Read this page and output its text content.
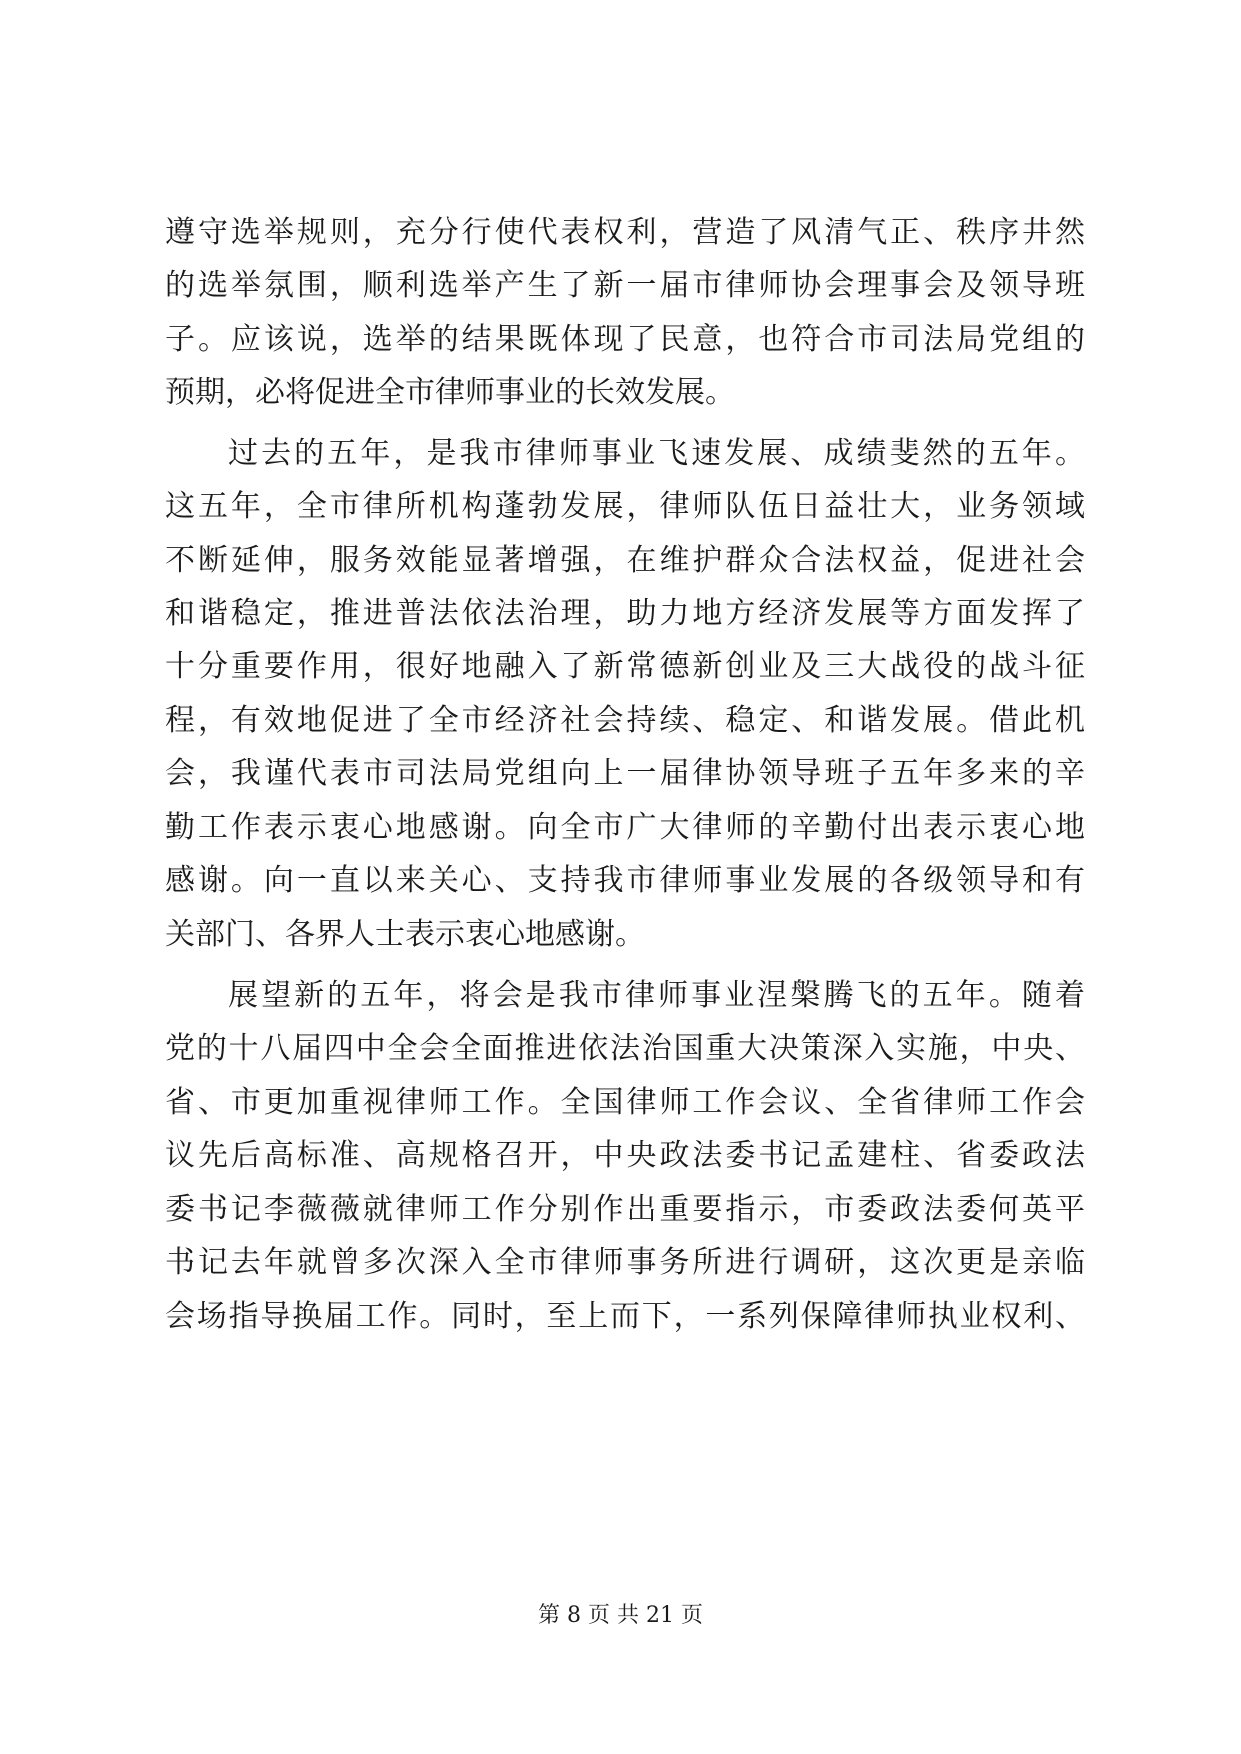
遵守选举规则，充分行使代表权利，营造了风清气正、秩序井然
的选举氛围，顺利选举产生了新一届市律师协会理事会及领导班
子。应该说，选举的结果既体现了民意，也符合市司法局党组的
预期，必将促进全市律师事业的长效发展。
过去的五年，是我市律师事业飞速发展、成绩斐然的五年。
这五年，全市律所机构蓬勃发展，律师队伍日益壮大，业务领域
不断延伸，服务效能显著增强，在维护群众合法权益，促进社会
和谐稳定，推进普法依法治理，助力地方经济发展等方面发挥了
十分重要作用，很好地融入了新常德新创业及三大战役的战斗征
程，有效地促进了全市经济社会持续、稳定、和谐发展。借此机
会，我谨代表市司法局党组向上一届律协领导班子五年多来的辛
勤工作表示衷心地感谢。向全市广大律师的辛勤付出表示衷心地
感谢。向一直以来关心、支持我市律师事业发展的各级领导和有
关部门、各界人士表示衷心地感谢。
展望新的五年，将会是我市律师事业涅槃腾飞的五年。随着
党的十八届四中全会全面推进依法治国重大决策深入实施，中央、
省、市更加重视律师工作。全国律师工作会议、全省律师工作会
议先后高标准、高规格召开，中央政法委书记孟建柱、省委政法
委书记李薇薇就律师工作分别作出重要指示，市委政法委何英平
书记去年就曾多次深入全市律师事务所进行调研，这次更是亲临
会场指导换届工作。同时，至上而下，一系列保障律师执业权利、
第 8 页 共 21 页
